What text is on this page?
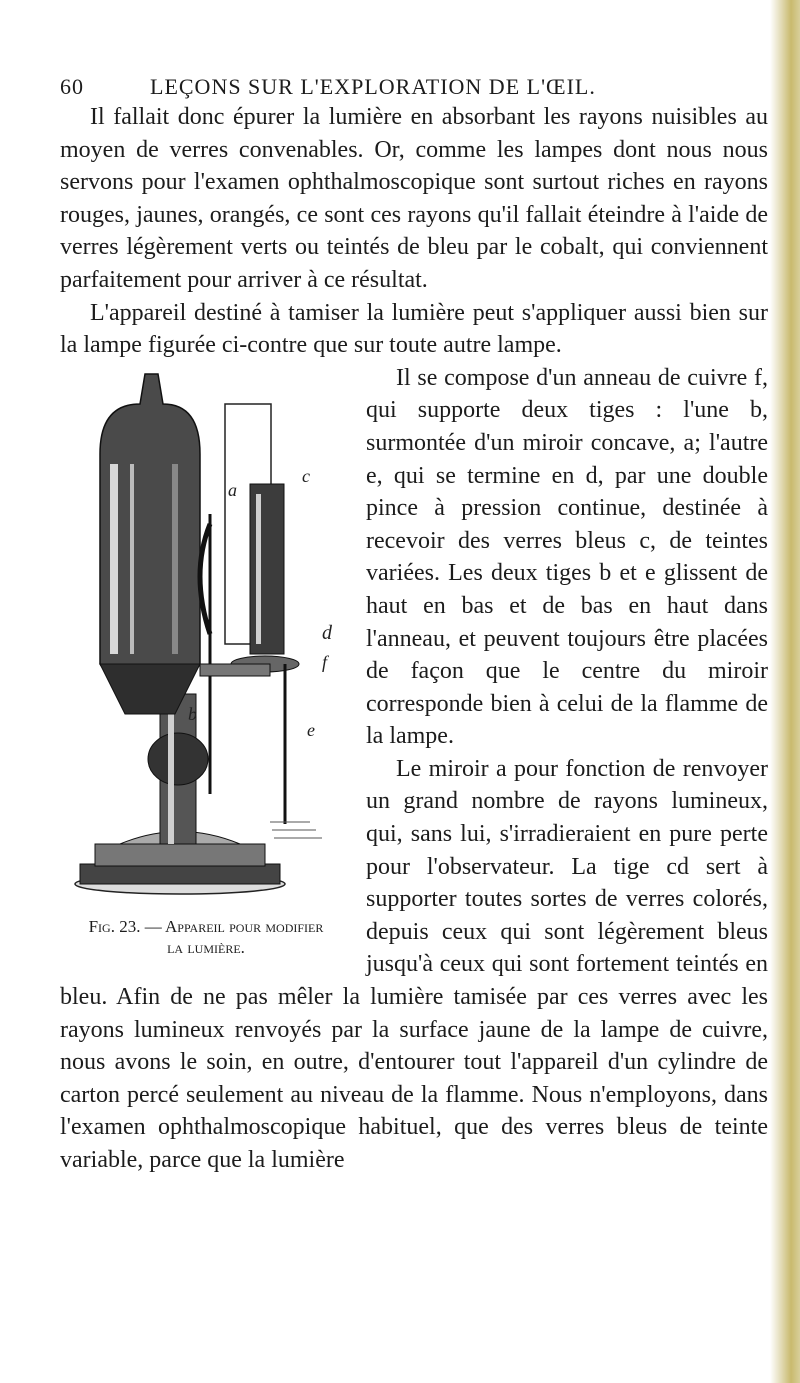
60	LEÇONS SUR L'EXPLORATION DE L'ŒIL.

Il fallait donc épurer la lumière en absorbant les rayons nuisibles au moyen de verres convenables. Or, comme les lampes dont nous nous servons pour l'examen ophthalmoscopique sont surtout riches en rayons rouges, jaunes, orangés, ce sont ces rayons qu'il fallait éteindre à l'aide de verres légèrement verts ou teintés de bleu par le cobalt, qui conviennent parfaitement pour arriver à ce résultat.

L'appareil destiné à tamiser la lumière peut s'appliquer aussi bien sur la lampe figurée ci-contre que sur toute autre lampe.

a
c
d
f
b
e
Fig. 23. — Appareil pour modifier
la lumière.

Il se compose d'un anneau de cuivre f, qui supporte deux tiges : l'une b, surmontée d'un miroir concave, a; l'autre e, qui se termine en d, par une double pince à pression continue, destinée à recevoir des verres bleus c, de teintes variées. Les deux tiges b et e glissent de haut en bas et de bas en haut dans l'anneau, et peuvent toujours être placées de façon que le centre du miroir corresponde bien à celui de la flamme de la lampe.

Le miroir a pour fonction de renvoyer un grand nombre de rayons lumineux, qui, sans lui, s'irradieraient en pure perte pour l'observateur. La tige cd sert à supporter toutes sortes de verres colorés, depuis ceux qui sont légèrement bleus jusqu'à ceux qui sont fortement teintés en bleu. Afin de ne pas mêler la lumière tamisée par ces verres avec les rayons lumineux renvoyés par la surface jaune de la lampe de cuivre, nous avons le soin, en outre, d'entourer tout l'appareil d'un cylindre de carton percé seulement au niveau de la flamme. Nous n'employons, dans l'examen ophthalmoscopique habituel, que des verres bleus de teinte variable, parce que la lumière
